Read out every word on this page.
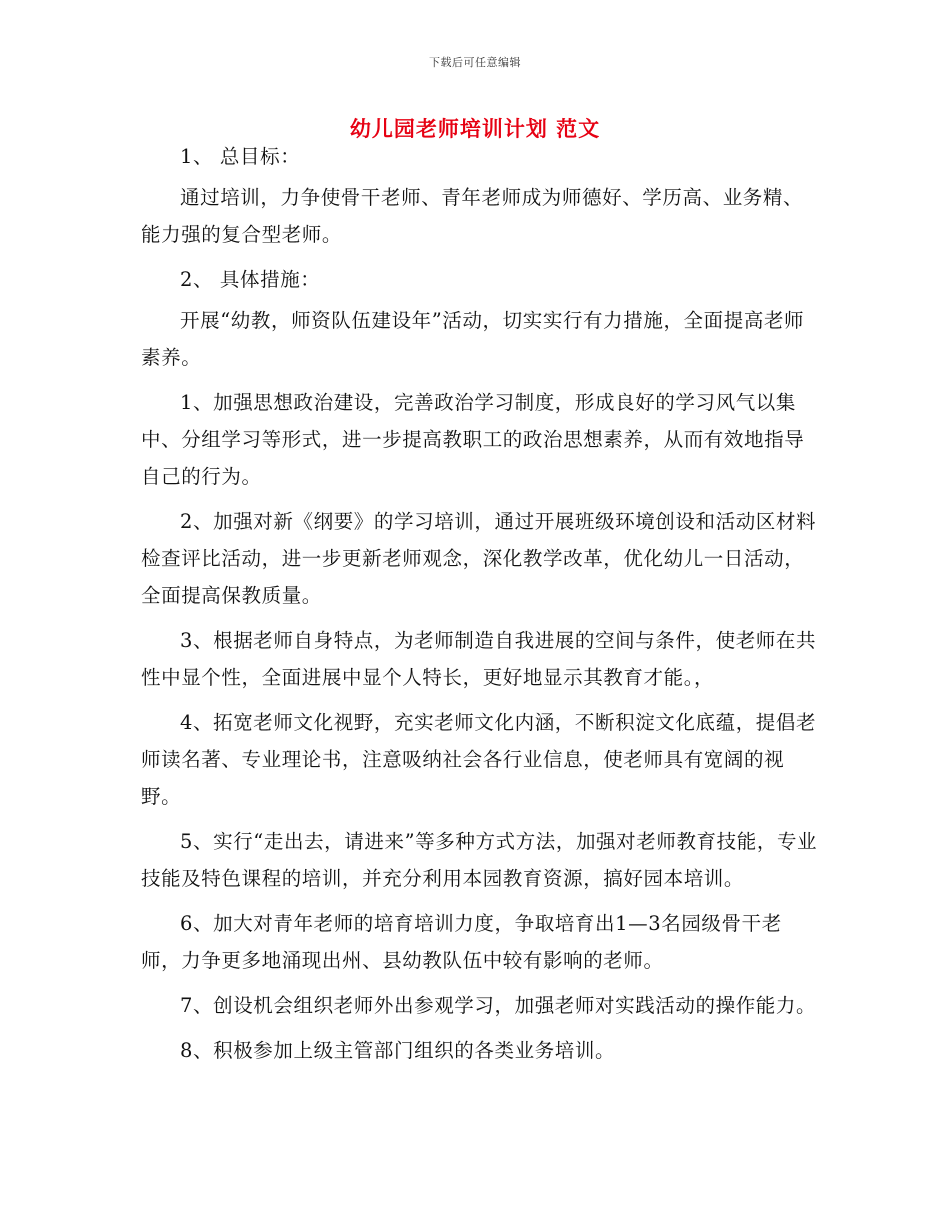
下载后可任意编辑
幼儿园老师培训计划 范文

1、 总目标：

通过培训，力争使骨干老师、青年老师成为师德好、学历高、业务精、能力强的复合型老师。

2、 具体措施：

开展“幼教，师资队伍建设年”活动，切实实行有力措施，全面提高老师素养。

1、加强思想政治建设，完善政治学习制度，形成良好的学习风气以集中、分组学习等形式，进一步提高教职工的政治思想素养，从而有效地指导自己的行为。

2、加强对新《纲要》的学习培训，通过开展班级环境创设和活动区材料检查评比活动，进一步更新老师观念，深化教学改革，优化幼儿一日活动，全面提高保教质量。

3、根据老师自身特点，为老师制造自我进展的空间与条件，使老师在共性中显个性，全面进展中显个人特长，更好地显示其教育才能。，

4、拓宽老师文化视野，充实老师文化内涵，不断积淀文化底蕴，提倡老师读名著、专业理论书，注意吸纳社会各行业信息，使老师具有宽阔的视野。

5、实行“走出去，请进来”等多种方式方法，加强对老师教育技能，专业技能及特色课程的培训，并充分利用本园教育资源，搞好园本培训。

6、加大对青年老师的培育培训力度，争取培育出1—3名园级骨干老师，力争更多地涌现出州、县幼教队伍中较有影响的老师。

7、创设机会组织老师外出参观学习，加强老师对实践活动的操作能力。

8、积极参加上级主管部门组织的各类业务培训。
